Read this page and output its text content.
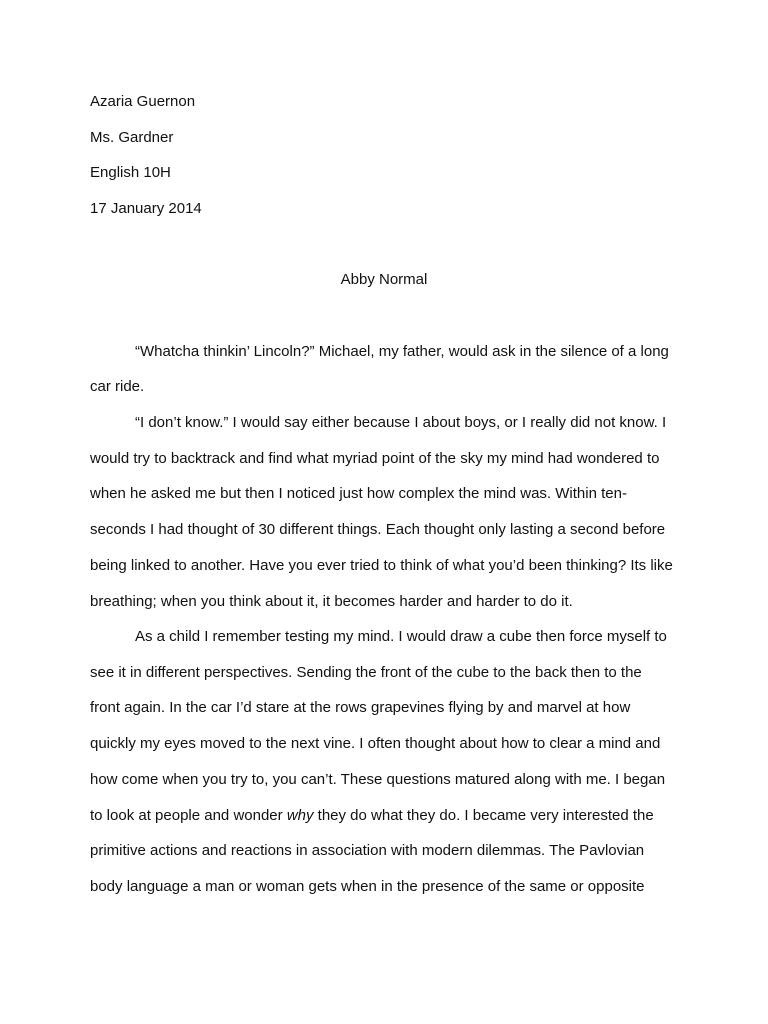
Azaria Guernon
Ms. Gardner
English 10H
17 January 2014
Abby Normal
“Whatcha thinkin’ Lincoln?” Michael, my father, would ask in the silence of a long
car ride.
“I don’t know.” I would say either because I about boys, or I really did not know. I
would try to backtrack and find what myriad point of the sky my mind had wondered to
when he asked me but then I noticed just how complex the mind was. Within ten-
seconds I had thought of 30 different things. Each thought only lasting a second before
being linked to another. Have you ever tried to think of what you’d been thinking? Its like
breathing; when you think about it, it becomes harder and harder to do it.
As a child I remember testing my mind. I would draw a cube then force myself to
see it in different perspectives. Sending the front of the cube to the back then to the
front again. In the car I’d stare at the rows grapevines flying by and marvel at how
quickly my eyes moved to the next vine. I often thought about how to clear a mind and
how come when you try to, you can’t. These questions matured along with me. I began
to look at people and wonder why they do what they do. I became very interested the
primitive actions and reactions in association with modern dilemmas. The Pavlovian
body language a man or woman gets when in the presence of the same or opposite
